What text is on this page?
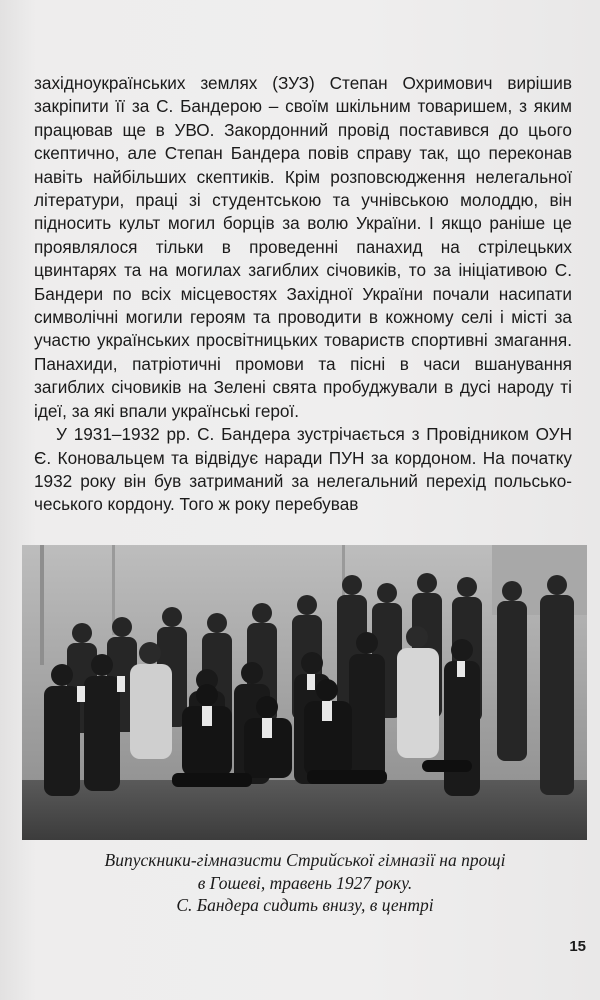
західноукраїнських землях (ЗУЗ) Степан Охримович вирішив закріпити її за С. Бандерою – своїм шкільним товаришем, з яким працював ще в УВО. Закордонний провід поставився до цього скептично, але Степан Бандера повів справу так, що переконав навіть найбільших скептиків. Крім розповсюдження нелегальної літератури, праці зі студентською та учнівською молоддю, він підносить культ могил борців за волю України. І якщо раніше це проявлялося тільки в проведенні панахид на стрілецьких цвинтарях та на могилах загиблих січовиків, то за ініціативою С. Бандери по всіх місцевостях Західної України почали насипати символічні могили героям та проводити в кожному селі і місті за участю українських просвітницьких товариств спортивні змагання. Панахиди, патріотичні промови та пісні в часи вшанування загиблих січовиків на Зелені свята пробуджували в дусі народу ті ідеї, за які впали українські герої.

У 1931–1932 рр. С. Бандера зустрічається з Провідником ОУН Є. Коновальцем та відвідує наради ПУН за кордоном. На початку 1932 року він був затриманий за нелегальний перехід польсько-чеського кордону. Того ж року перебував

Випускники-гімназисти Стрийської гімназії на прощі
в Гошеві, травень 1927 року.
С. Бандера сидить внизу, в центрі

15
